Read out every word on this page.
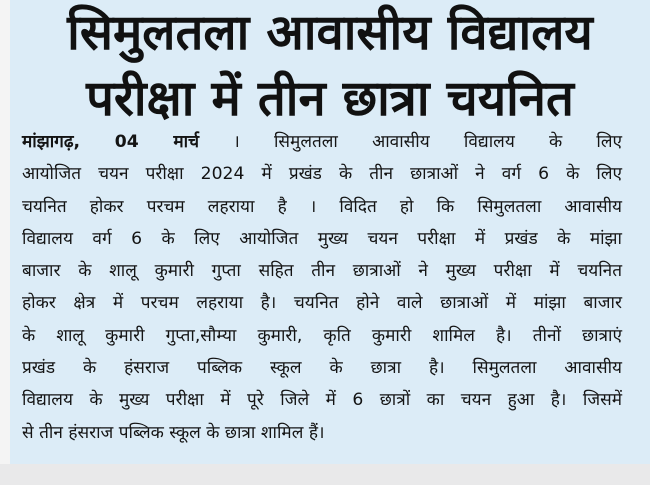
सिमुलतला आवासीय विद्यालय
परीक्षा में तीन छात्रा चयनित
मांझागढ़, 04 मार्च । सिमुलतला आवासीय विद्यालय के लिए
आयोजित चयन परीक्षा 2024 में प्रखंड के तीन छात्राओं ने वर्ग 6 के लिए
चयनित होकर परचम लहराया है । विदित हो कि सिमुलतला आवासीय
विद्यालय वर्ग 6 के लिए आयोजित मुख्य चयन परीक्षा में प्रखंड के मांझा
बाजार के शालू कुमारी गुप्ता सहित तीन छात्राओं ने मुख्य परीक्षा में चयनित
होकर क्षेत्र में परचम लहराया है। चयनित होने वाले छात्राओं में मांझा बाजार
के शालू कुमारी गुप्ता,सौम्या कुमारी, कृति कुमारी शामिल है। तीनों छात्राएं
प्रखंड के हंसराज पब्लिक स्कूल के छात्रा है। सिमुलतला आवासीय
विद्यालय के मुख्य परीक्षा में पूरे जिले में 6 छात्रों का चयन हुआ है। जिसमें
से तीन हंसराज पब्लिक स्कूल के छात्रा शामिल हैं।
